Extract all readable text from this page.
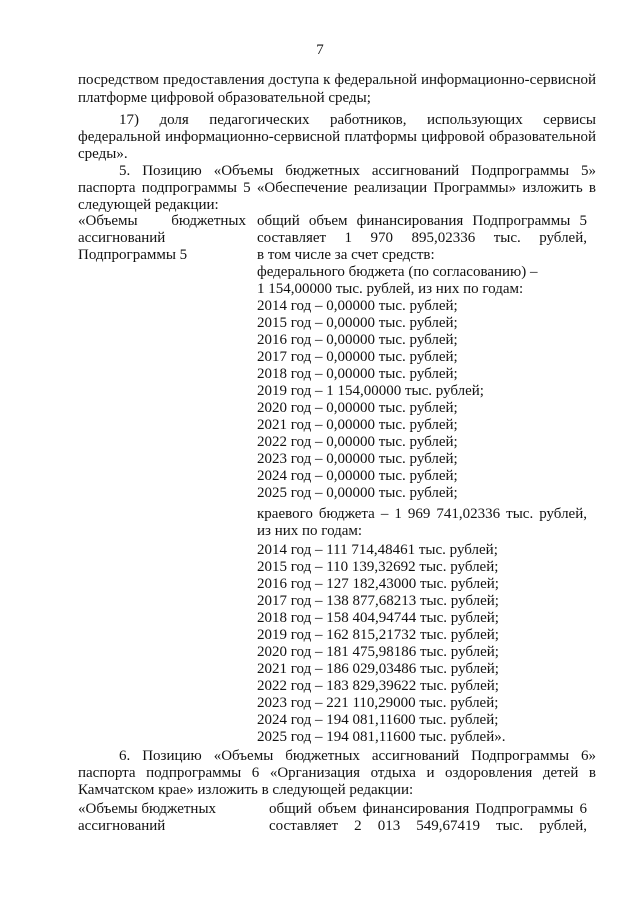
7
посредством предоставления доступа к федеральной информационно-сервисной
платформе цифровой образовательной среды;
17) доля педагогических работников, использующих сервисы
федеральной информационно-сервисной платформы цифровой образовательной
среды».
5. Позицию «Объемы бюджетных ассигнований Подпрограммы 5»
паспорта подпрограммы 5 «Обеспечение реализации Программы» изложить в
следующей редакции:
«Объемы бюджетных
ассигнований
Подпрограммы 5
общий объем финансирования Подпрограммы 5
составляет 1 970 895,02336 тыс. рублей,
в том числе за счет средств:
федерального бюджета (по согласованию) –
1 154,00000 тыс. рублей, из них по годам:
2014 год – 0,00000 тыс. рублей;
2015 год – 0,00000 тыс. рублей;
2016 год – 0,00000 тыс. рублей;
2017 год – 0,00000 тыс. рублей;
2018 год – 0,00000 тыс. рублей;
2019 год – 1 154,00000 тыс. рублей;
2020 год – 0,00000 тыс. рублей;
2021 год – 0,00000 тыс. рублей;
2022 год – 0,00000 тыс. рублей;
2023 год – 0,00000 тыс. рублей;
2024 год – 0,00000 тыс. рублей;
2025 год – 0,00000 тыс. рублей;
краевого бюджета – 1 969 741,02336 тыс. рублей,
из них по годам:
2014 год – 111 714,48461 тыс. рублей;
2015 год – 110 139,32692 тыс. рублей;
2016 год – 127 182,43000 тыс. рублей;
2017 год – 138 877,68213 тыс. рублей;
2018 год – 158 404,94744 тыс. рублей;
2019 год – 162 815,21732 тыс. рублей;
2020 год – 181 475,98186 тыс. рублей;
2021 год – 186 029,03486 тыс. рублей;
2022 год – 183 829,39622 тыс. рублей;
2023 год – 221 110,29000 тыс. рублей;
2024 год – 194 081,11600 тыс. рублей;
2025 год – 194 081,11600 тыс. рублей».
6. Позицию «Объемы бюджетных ассигнований Подпрограммы 6»
паспорта подпрограммы 6 «Организация отдыха и оздоровления детей в
Камчатском крае» изложить в следующей редакции:
«Объемы бюджетных
ассигнований
общий объем финансирования Подпрограммы 6
составляет 2 013 549,67419 тыс. рублей,
